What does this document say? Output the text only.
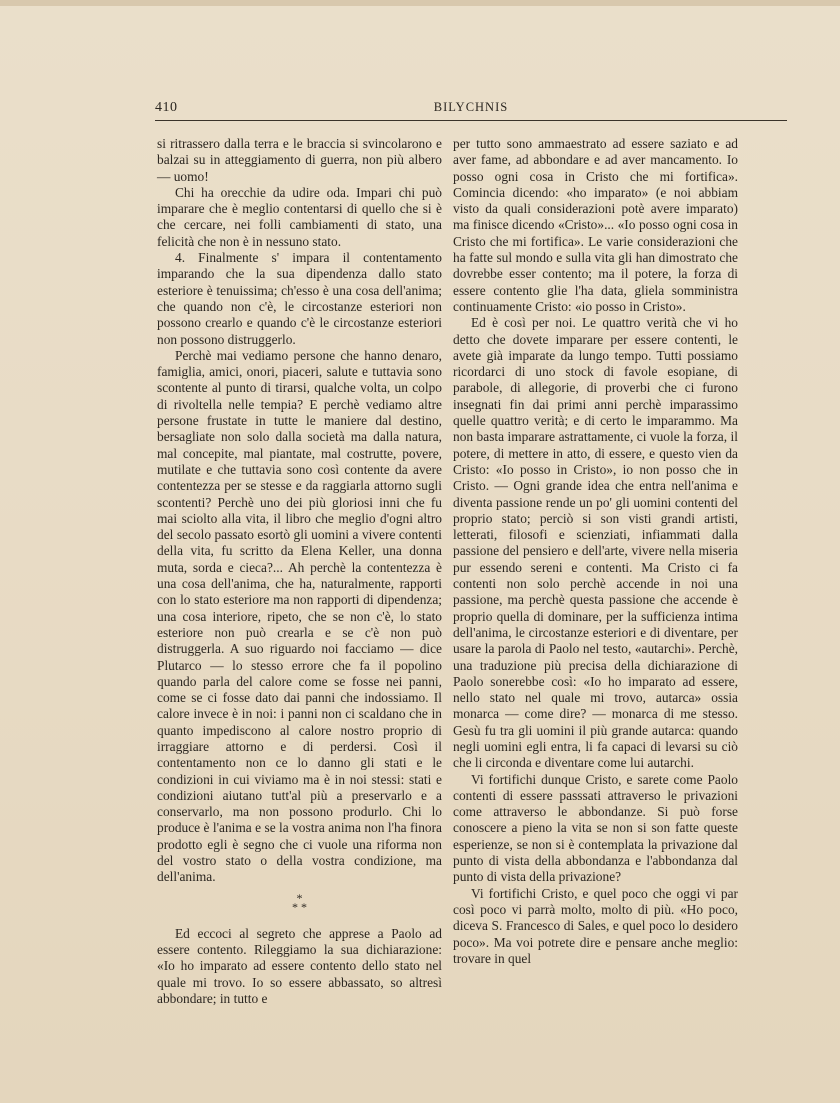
410	BILYCHNIS

si ritrassero dalla terra e le braccia si svincolarono e balzai su in atteggiamento di guerra, non più albero — uomo!

Chi ha orecchie da udire oda. Impari chi può imparare che è meglio contentarsi di quello che si è che cercare, nei folli cambiamenti di stato, una felicità che non è in nessuno stato.

4. Finalmente s' impara il contentamento imparando che la sua dipendenza dallo stato esteriore è tenuissima; ch'esso è una cosa dell'anima; che quando non c'è, le circostanze esteriori non possono crearlo e quando c'è le circostanze esteriori non possono distruggerlo.

Perchè mai vediamo persone che hanno denaro, famiglia, amici, onori, piaceri, salute e tuttavia sono scontente al punto di tirarsi, qualche volta, un colpo di rivoltella nelle tempia? E perchè vediamo altre persone frustate in tutte le maniere dal destino, bersagliate non solo dalla società ma dalla natura, mal concepite, mal piantate, mal costrutte, povere, mutilate e che tuttavia sono così contente da avere contentezza per se stesse e da raggiarla attorno sugli scontenti? Perchè uno dei più gloriosi inni che fu mai sciolto alla vita, il libro che meglio d'ogni altro del secolo passato esortò gli uomini a vivere contenti della vita, fu scritto da Elena Keller, una donna muta, sorda e cieca?... Ah perchè la contentezza è una cosa dell'anima, che ha, naturalmente, rapporti con lo stato esteriore ma non rapporti di dipendenza; una cosa interiore, ripeto, che se non c'è, lo stato esteriore non può crearla e se c'è non può distruggerla. A suo riguardo noi facciamo — dice Plutarco — lo stesso errore che fa il popolino quando parla del calore come se fosse nei panni, come se ci fosse dato dai panni che indossiamo. Il calore invece è in noi: i panni non ci scaldano che in quanto impediscono al calore nostro proprio di irraggiare attorno e di perdersi. Così il contentamento non ce lo danno gli stati e le condizioni in cui viviamo ma è in noi stessi: stati e condizioni aiutano tutt'al più a preservarlo e a conservarlo, ma non possono produrlo. Chi lo produce è l'anima e se la vostra anima non l'ha finora prodotto egli è segno che ci vuole una riforma non del vostro stato o della vostra condizione, ma dell'anima.

*
* *

Ed eccoci al segreto che apprese a Paolo ad essere contento. Rileggiamo la sua dichiarazione: «Io ho imparato ad essere contento dello stato nel quale mi trovo. Io so essere abbassato, so altresì abbondare; in tutto e

per tutto sono ammaestrato ad essere saziato e ad aver fame, ad abbondare e ad aver mancamento. Io posso ogni cosa in Cristo che mi fortifica». Comincia dicendo: «ho imparato» (e noi abbiam visto da quali considerazioni potè avere imparato) ma finisce dicendo «Cristo»... «Io posso ogni cosa in Cristo che mi fortifica». Le varie considerazioni che ha fatte sul mondo e sulla vita gli han dimostrato che dovrebbe esser contento; ma il potere, la forza di essere contento glie l'ha data, gliela somministra continuamente Cristo: «io posso in Cristo».

Ed è così per noi. Le quattro verità che vi ho detto che dovete imparare per essere contenti, le avete già imparate da lungo tempo. Tutti possiamo ricordarci di uno stock di favole esopiane, di parabole, di allegorie, di proverbi che ci furono insegnati fin dai primi anni perchè imparassimo quelle quattro verità; e di certo le imparammo. Ma non basta imparare astrattamente, ci vuole la forza, il potere, di mettere in atto, di essere, e questo vien da Cristo: «Io posso in Cristo», io non posso che in Cristo. — Ogni grande idea che entra nell'anima e diventa passione rende un po' gli uomini contenti del proprio stato; perciò si son visti grandi artisti, letterati, filosofi e scienziati, infiammati dalla passione del pensiero e dell'arte, vivere nella miseria pur essendo sereni e contenti. Ma Cristo ci fa contenti non solo perchè accende in noi una passione, ma perchè questa passione che accende è proprio quella di dominare, per la sufficienza intima dell'anima, le circostanze esteriori e di diventare, per usare la parola di Paolo nel testo, «autarchi». Perchè, una traduzione più precisa della dichiarazione di Paolo sonerebbe così: «Io ho imparato ad essere, nello stato nel quale mi trovo, autarca» ossia monarca — come dire? — monarca di me stesso. Gesù fu tra gli uomini il più grande autarca: quando negli uomini egli entra, li fa capaci di levarsi su ciò che li circonda e diventare come lui autarchi.

Vi fortifichi dunque Cristo, e sarete come Paolo contenti di essere passsati attraverso le privazioni come attraverso le abbondanze. Si può forse conoscere a pieno la vita se non si son fatte queste esperienze, se non si è contemplata la privazione dal punto di vista della abbondanza e l'abbondanza dal punto di vista della privazione?

Vi fortifichi Cristo, e quel poco che oggi vi par così poco vi parrà molto, molto di più. «Ho poco, diceva S. Francesco di Sales, e quel poco lo desidero poco». Ma voi potrete dire e pensare anche meglio: trovare in quel
